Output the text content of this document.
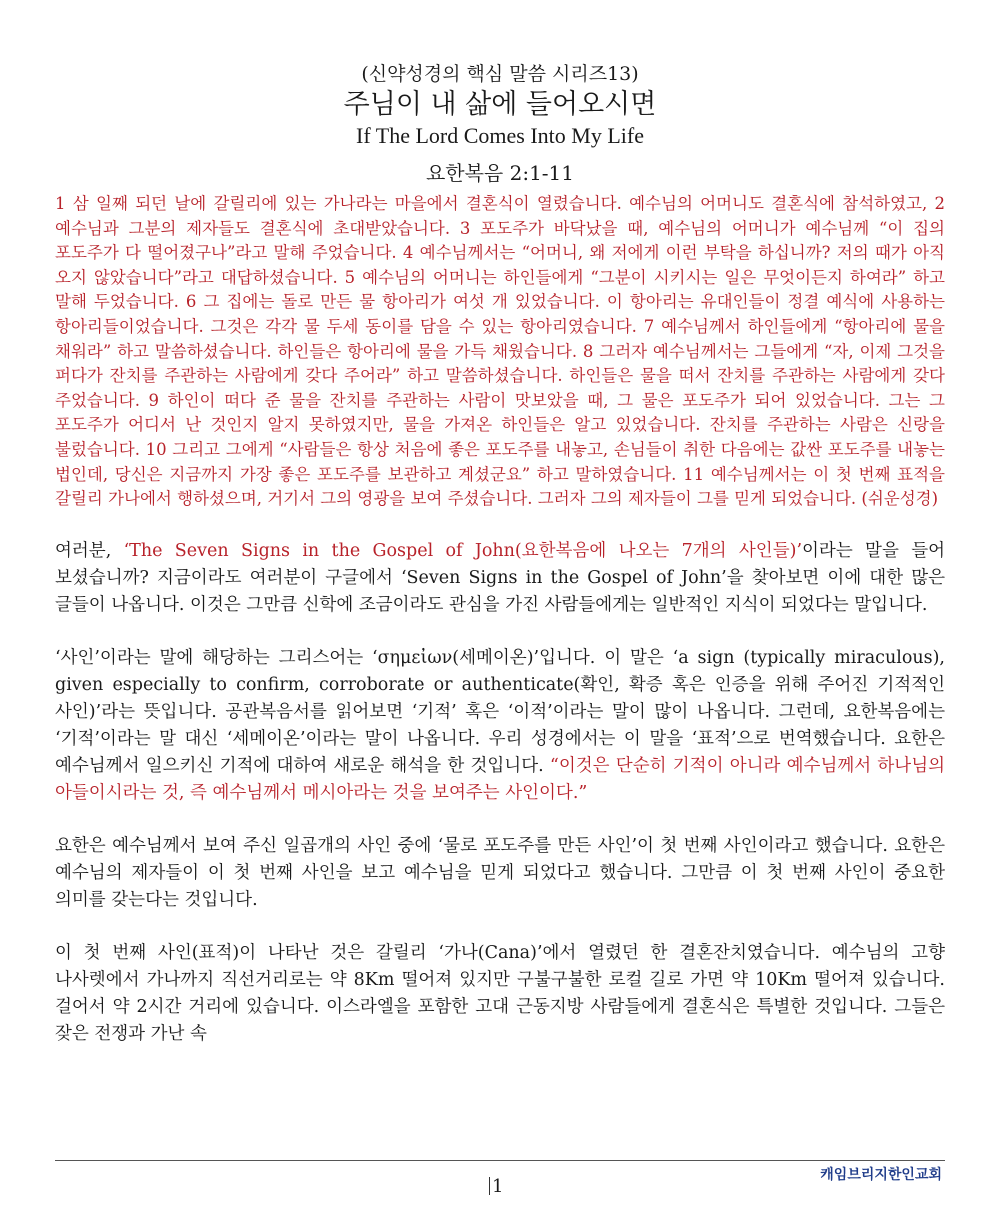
(신약성경의 핵심 말씀 시리즈13)
주님이 내 삶에 들어오시면
If The Lord Comes Into My Life
요한복음 2:1-11
1 삼 일째 되던 날에 갈릴리에 있는 가나라는 마을에서 결혼식이 열렸습니다. 예수님의 어머니도 결혼식에 참석하였고, 2 예수님과 그분의 제자들도 결혼식에 초대받았습니다. 3 포도주가 바닥났을 때, 예수님의 어머니가 예수님께 “이 집의 포도주가 다 떨어졌구나”라고 말해 주었습니다. 4 예수님께서는 “어머니, 왜 저에게 이런 부탁을 하십니까? 저의 때가 아직 오지 않았습니다”라고 대답하셨습니다. 5 예수님의 어머니는 하인들에게 “그분이 시키시는 일은 무엇이든지 하여라” 하고 말해 두었습니다. 6 그 집에는 돌로 만든 물 항아리가 여섯 개 있었습니다. 이 항아리는 유대인들이 정결 예식에 사용하는 항아리들이었습니다. 그것은 각각 물 두세 동이를 담을 수 있는 항아리였습니다. 7 예수님께서 하인들에게 “항아리에 물을 채워라” 하고 말씀하셨습니다. 하인들은 항아리에 물을 가득 채웠습니다. 8 그러자 예수님께서는 그들에게 “자, 이제 그것을 퍼다가 잔치를 주관하는 사람에게 갖다 주어라” 하고 말씀하셨습니다. 하인들은 물을 떠서 잔치를 주관하는 사람에게 갖다 주었습니다. 9 하인이 떠다 준 물을 잔치를 주관하는 사람이 맛보았을 때, 그 물은 포도주가 되어 있었습니다. 그는 그 포도주가 어디서 난 것인지 알지 못하였지만, 물을 가져온 하인들은 알고 있었습니다. 잔치를 주관하는 사람은 신랑을 불렀습니다. 10 그리고 그에게 “사람들은 항상 처음에 좋은 포도주를 내놓고, 손님들이 취한 다음에는 값싼 포도주를 내놓는 법인데, 당신은 지금까지 가장 좋은 포도주를 보관하고 계셨군요” 하고 말하였습니다. 11 예수님께서는 이 첫 번째 표적을 갈릴리 가나에서 행하셨으며, 거기서 그의 영광을 보여 주셨습니다. 그러자 그의 제자들이 그를 믿게 되었습니다. (쉬운성경)
여러분, ‘The Seven Signs in the Gospel of John(요한복음에 나오는 7개의 사인들)’이라는 말을 들어 보셨습니까? 지금이라도 여러분이 구글에서 ‘Seven Signs in the Gospel of John’을 찾아보면 이에 대한 많은 글들이 나옵니다. 이것은 그만큼 신학에 조금이라도 관심을 가진 사람들에게는 일반적인 지식이 되었다는 말입니다.
‘사인’이라는 말에 해당하는 그리스어는 ‘σημεἰων(세메이온)’입니다. 이 말은 ‘a sign (typically miraculous), given especially to confirm, corroborate or authenticate(확인, 확증 혹은 인증을 위해 주어진 기적적인 사인)’라는 뜻입니다. 공관복음서를 읽어보면 ‘기적’ 혹은 ‘이적’이라는 말이 많이 나옵니다. 그런데, 요한복음에는 ‘기적’이라는 말 대신 ‘세메이온’이라는 말이 나옵니다. 우리 성경에서는 이 말을 ‘표적’으로 번역했습니다. 요한은 예수님께서 일으키신 기적에 대하여 새로운 해석을 한 것입니다. “이것은 단순히 기적이 아니라 예수님께서 하나님의 아들이시라는 것, 즉 예수님께서 메시아라는 것을 보여주는 사인이다.”
요한은 예수님께서 보여 주신 일곱개의 사인 중에 ‘물로 포도주를 만든 사인’이 첫 번째 사인이라고 했습니다. 요한은 예수님의 제자들이 이 첫 번째 사인을 보고 예수님을 믿게 되었다고 했습니다. 그만큼 이 첫 번째 사인이 중요한 의미를 갖는다는 것입니다.
이 첫 번째 사인(표적)이 나타난 것은 갈릴리 ‘가나(Cana)’에서 열렸던 한 결혼잔치였습니다. 예수님의 고향 나사렛에서 가나까지 직선거리로는 약 8Km 떨어져 있지만 구불구불한 로컬 길로 가면 약 10Km 떨어져 있습니다. 걸어서 약 2시간 거리에 있습니다. 이스라엘을 포함한 고대 근동지방 사람들에게 결혼식은 특별한 것입니다. 그들은 잦은 전쟁과 가난 속
캐임브리지한인교회
1
